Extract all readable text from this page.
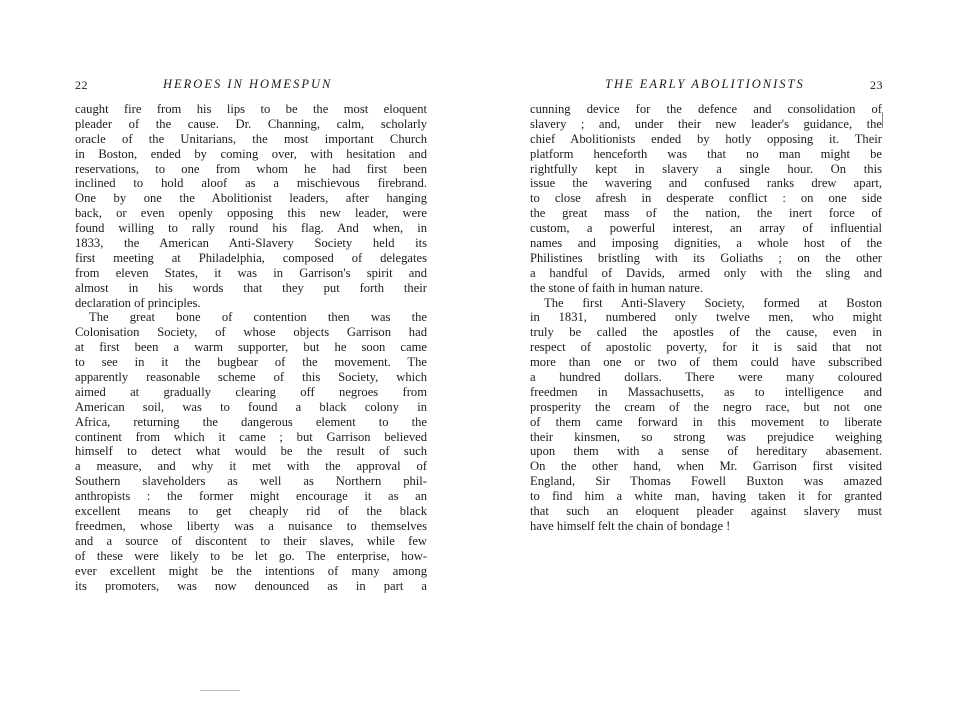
22	HEROES IN HOMESPUN
caught fire from his lips to be the most eloquent
pleader of the cause. Dr. Channing, calm, scholarly
oracle of the Unitarians, the most important Church
in Boston, ended by coming over, with hesitation and
reservations, to one from whom he had first been
inclined to hold aloof as a mischievous firebrand.
One by one the Abolitionist leaders, after hanging
back, or even openly opposing this new leader, were
found willing to rally round his flag. And when, in
1833, the American Anti-Slavery Society held its
first meeting at Philadelphia, composed of delegates
from eleven States, it was in Garrison's spirit and
almost in his words that they put forth their
declaration of principles.
The great bone of contention then was the
Colonisation Society, of whose objects Garrison had
at first been a warm supporter, but he soon came
to see in it the bugbear of the movement. The
apparently reasonable scheme of this Society, which
aimed at gradually clearing off negroes from
American soil, was to found a black colony in
Africa, returning the dangerous element to the
continent from which it came ; but Garrison believed
himself to detect what would be the result of such
a measure, and why it met with the approval of
Southern slaveholders as well as Northern phil-
anthropists : the former might encourage it as an
excellent means to get cheaply rid of the black
freedmen, whose liberty was a nuisance to themselves
and a source of discontent to their slaves, while few
of these were likely to be let go. The enterprise, how-
ever excellent might be the intentions of many among
its promoters, was now denounced as in part a
THE EARLY ABOLITIONISTS	23
cunning device for the defence and consolidation of
slavery ; and, under their new leader's guidance, the
chief Abolitionists ended by hotly opposing it. Their
platform henceforth was that no man might be
rightfully kept in slavery a single hour. On this
issue the wavering and confused ranks drew apart,
to close afresh in desperate conflict : on one side
the great mass of the nation, the inert force of
custom, a powerful interest, an array of influential
names and imposing dignities, a whole host of the
Philistines bristling with its Goliaths ; on the other
a handful of Davids, armed only with the sling and
the stone of faith in human nature.
The first Anti-Slavery Society, formed at Boston
in 1831, numbered only twelve men, who might
truly be called the apostles of the cause, even in
respect of apostolic poverty, for it is said that not
more than one or two of them could have subscribed
a hundred dollars. There were many coloured
freedmen in Massachusetts, as to intelligence and
prosperity the cream of the negro race, but not one
of them came forward in this movement to liberate
their kinsmen, so strong was prejudice weighing
upon them with a sense of hereditary abasement.
On the other hand, when Mr. Garrison first visited
England, Sir Thomas Fowell Buxton was amazed
to find him a white man, having taken it for granted
that such an eloquent pleader against slavery must
have himself felt the chain of bondage !
